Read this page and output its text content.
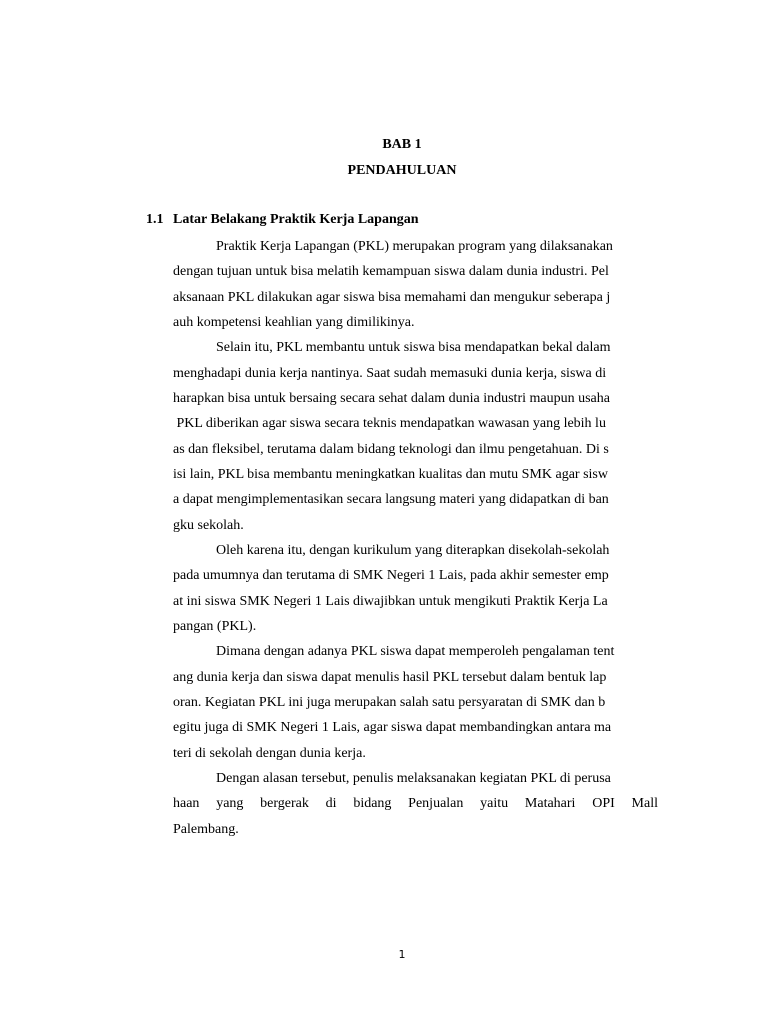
BAB 1
PENDAHULUAN
1.1 Latar Belakang Praktik Kerja Lapangan
Praktik Kerja Lapangan (PKL) merupakan program yang dilaksanakan
dengan tujuan untuk bisa melatih kemampuan siswa dalam dunia industri. Pel
aksanaan PKL dilakukan agar siswa bisa memahami dan mengukur seberapa j
auh kompetensi keahlian yang dimilikinya.
Selain itu, PKL membantu untuk siswa bisa mendapatkan bekal dalam
menghadapi dunia kerja nantinya. Saat sudah memasuki dunia kerja, siswa di
harapkan bisa untuk bersaing secara sehat dalam dunia industri maupun usaha
PKL diberikan agar siswa secara teknis mendapatkan wawasan yang lebih lu
as dan fleksibel, terutama dalam bidang teknologi dan ilmu pengetahuan. Di s
isi lain, PKL bisa membantu meningkatkan kualitas dan mutu SMK agar sisw
a dapat mengimplementasikan secara langsung materi yang didapatkan di ban
gku sekolah.
Oleh karena itu, dengan kurikulum yang diterapkan disekolah-sekolah
pada umumnya dan terutama di SMK Negeri 1 Lais, pada akhir semester emp
at ini siswa SMK Negeri 1 Lais diwajibkan untuk mengikuti Praktik Kerja La
pangan (PKL).
Dimana dengan adanya PKL siswa dapat memperoleh pengalaman tent
ang dunia kerja dan siswa dapat menulis hasil PKL tersebut dalam bentuk lap
oran. Kegiatan PKL ini juga merupakan salah satu persyaratan di SMK dan b
egitu juga di SMK Negeri 1 Lais, agar siswa dapat membandingkan antara ma
teri di sekolah dengan dunia kerja.
Dengan alasan tersebut, penulis melaksanakan kegiatan PKL di perusa
haan yang bergerak di bidang Penjualan yaitu Matahari OPI Mall
Palembang.
1
